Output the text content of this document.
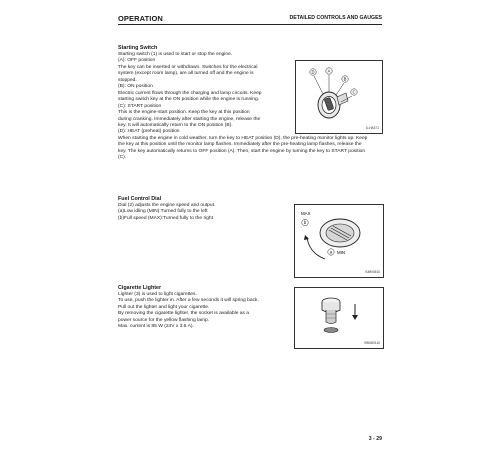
OPERATION	DETAILED CONTROLS AND GAUGES
Starting Switch
Starting switch (1) is used to start or stop the engine.
(A): OFF position
The key can be inserted or withdrawn. Switches for the electrical
system (except room lamp), are all turned off and the engine is
stopped.
(B): ON position
Electric current flows through the charging and lamp circuits. Keep
starting switch key at the ON position while the engine is running.
(C): START position
This is the engine-start position. Keep the key at this position
during cranking. Immediately after starting the engine, release the
key. It will automatically return to the ON position (B).
(D): HEAT (preheat) position
When starting the engine in cold weather, turn the key to HEAT position (D), the pre-heating monitor lights up. Keep
the key at this position until the monitor lamp flashes. Immediately after the pre-heating lamp flashes, release the
key. The key automatically returns to OFF position (A). Then, start the engine by turning the key to START position
(C).
D	A
B
C
1LHA371
Fuel Control Dial
Dial (2) adjusts the engine speed and output.
(a)Low idling (MIN):Turned fully to the left
(b)Full speed (MAX):Turned fully to the right
MAX
b
a MIN
9JM00610
Cigarette Lighter
Lighter (3) is used to light cigarettes.
To use, push the lighter in. After a few seconds it will spring back.
Pull out the lighter and light your cigarette.
By removing the cigarette lighter, the socket is available as a
power source for the yellow flashing lamp.
Max. current is 85 W (24V x 3.5 A).
9WN00110
3 - 29
